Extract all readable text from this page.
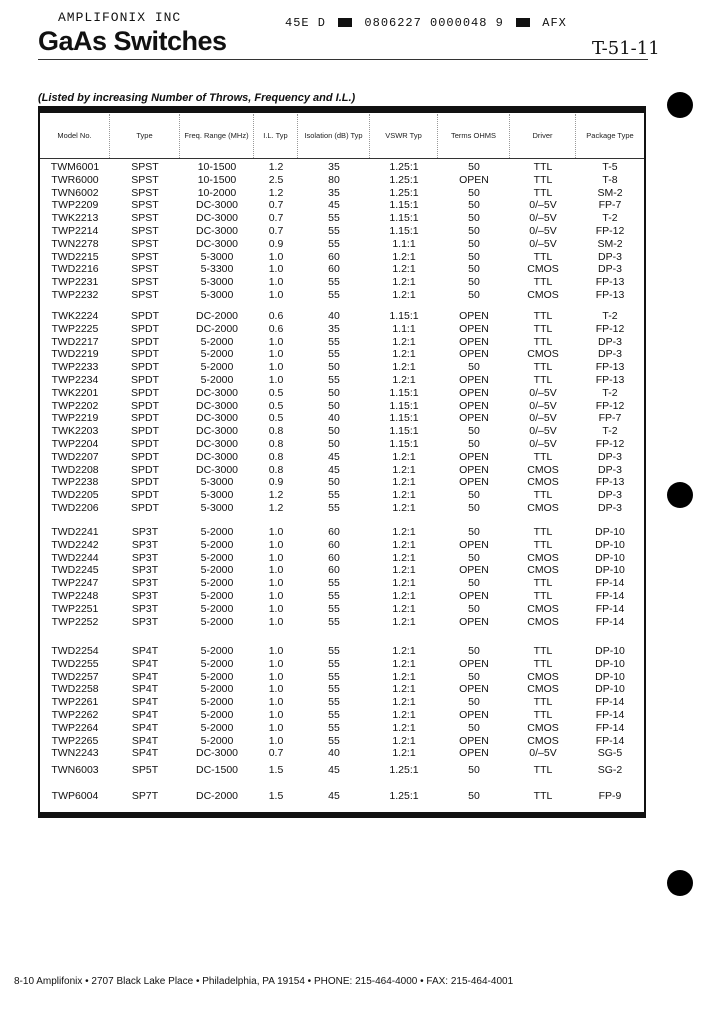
AMPLIFONIX INC	45E D	0806227 0000048 9	AFX
GaAs Switches	T-51-11
(Listed by increasing Number of Throws, Frequency and I.L.)
Model No.	Type	Freq. Range (MHz)	I.L. Typ	Isolation (dB) Typ	VSWR Typ	Terms OHMS	Driver	Package Type
TWM6001	SPST	10-1500	1.2	35	1.25:1	50	TTL	T-5
TWR6000	SPST	10-1500	2.5	80	1.25:1	OPEN	TTL	T-8
TWN6002	SPST	10-2000	1.2	35	1.25:1	50	TTL	SM-2
TWP2209	SPST	DC-3000	0.7	45	1.15:1	50	0/–5V	FP-7
TWK2213	SPST	DC-3000	0.7	55	1.15:1	50	0/–5V	T-2
TWP2214	SPST	DC-3000	0.7	55	1.15:1	50	0/–5V	FP-12
TWN2278	SPST	DC-3000	0.9	55	1.1:1	50	0/–5V	SM-2
TWD2215	SPST	5-3000	1.0	60	1.2:1	50	TTL	DP-3
TWD2216	SPST	5-3300	1.0	60	1.2:1	50	CMOS	DP-3
TWP2231	SPST	5-3000	1.0	55	1.2:1	50	TTL	FP-13
TWP2232	SPST	5-3000	1.0	55	1.2:1	50	CMOS	FP-13
TWK2224	SPDT	DC-2000	0.6	40	1.15:1	OPEN	TTL	T-2
TWP2225	SPDT	DC-2000	0.6	35	1.1:1	OPEN	TTL	FP-12
TWD2217	SPDT	5-2000	1.0	55	1.2:1	OPEN	TTL	DP-3
TWD2219	SPDT	5-2000	1.0	55	1.2:1	OPEN	CMOS	DP-3
TWP2233	SPDT	5-2000	1.0	50	1.2:1	50	TTL	FP-13
TWP2234	SPDT	5-2000	1.0	55	1.2:1	OPEN	TTL	FP-13
TWK2201	SPDT	DC-3000	0.5	50	1.15:1	OPEN	0/–5V	T-2
TWP2202	SPDT	DC-3000	0.5	50	1.15:1	OPEN	0/–5V	FP-12
TWP2219	SPDT	DC-3000	0.5	40	1.15:1	OPEN	0/–5V	FP-7
TWK2203	SPDT	DC-3000	0.8	50	1.15:1	50	0/–5V	T-2
TWP2204	SPDT	DC-3000	0.8	50	1.15:1	50	0/–5V	FP-12
TWD2207	SPDT	DC-3000	0.8	45	1.2:1	OPEN	TTL	DP-3
TWD2208	SPDT	DC-3000	0.8	45	1.2:1	OPEN	CMOS	DP-3
TWP2238	SPDT	5-3000	0.9	50	1.2:1	OPEN	CMOS	FP-13
TWD2205	SPDT	5-3000	1.2	55	1.2:1	50	TTL	DP-3
TWD2206	SPDT	5-3000	1.2	55	1.2:1	50	CMOS	DP-3
TWD2241	SP3T	5-2000	1.0	60	1.2:1	50	TTL	DP-10
TWD2242	SP3T	5-2000	1.0	60	1.2:1	OPEN	TTL	DP-10
TWD2244	SP3T	5-2000	1.0	60	1.2:1	50	CMOS	DP-10
TWD2245	SP3T	5-2000	1.0	60	1.2:1	OPEN	CMOS	DP-10
TWP2247	SP3T	5-2000	1.0	55	1.2:1	50	TTL	FP-14
TWP2248	SP3T	5-2000	1.0	55	1.2:1	OPEN	TTL	FP-14
TWP2251	SP3T	5-2000	1.0	55	1.2:1	50	CMOS	FP-14
TWP2252	SP3T	5-2000	1.0	55	1.2:1	OPEN	CMOS	FP-14
TWD2254	SP4T	5-2000	1.0	55	1.2:1	50	TTL	DP-10
TWD2255	SP4T	5-2000	1.0	55	1.2:1	OPEN	TTL	DP-10
TWD2257	SP4T	5-2000	1.0	55	1.2:1	50	CMOS	DP-10
TWD2258	SP4T	5-2000	1.0	55	1.2:1	OPEN	CMOS	DP-10
TWP2261	SP4T	5-2000	1.0	55	1.2:1	50	TTL	FP-14
TWP2262	SP4T	5-2000	1.0	55	1.2:1	OPEN	TTL	FP-14
TWP2264	SP4T	5-2000	1.0	55	1.2:1	50	CMOS	FP-14
TWP2265	SP4T	5-2000	1.0	55	1.2:1	OPEN	CMOS	FP-14
TWN2243	SP4T	DC-3000	0.7	40	1.2:1	OPEN	0/–5V	SG-5
TWN6003	SP5T	DC-1500	1.5	45	1.25:1	50	TTL	SG-2
TWP6004	SP7T	DC-2000	1.5	45	1.25:1	50	TTL	FP-9
8-10 Amplifonix • 2707 Black Lake Place • Philadelphia, PA 19154 • PHONE: 215-464-4000 • FAX: 215-464-4001
